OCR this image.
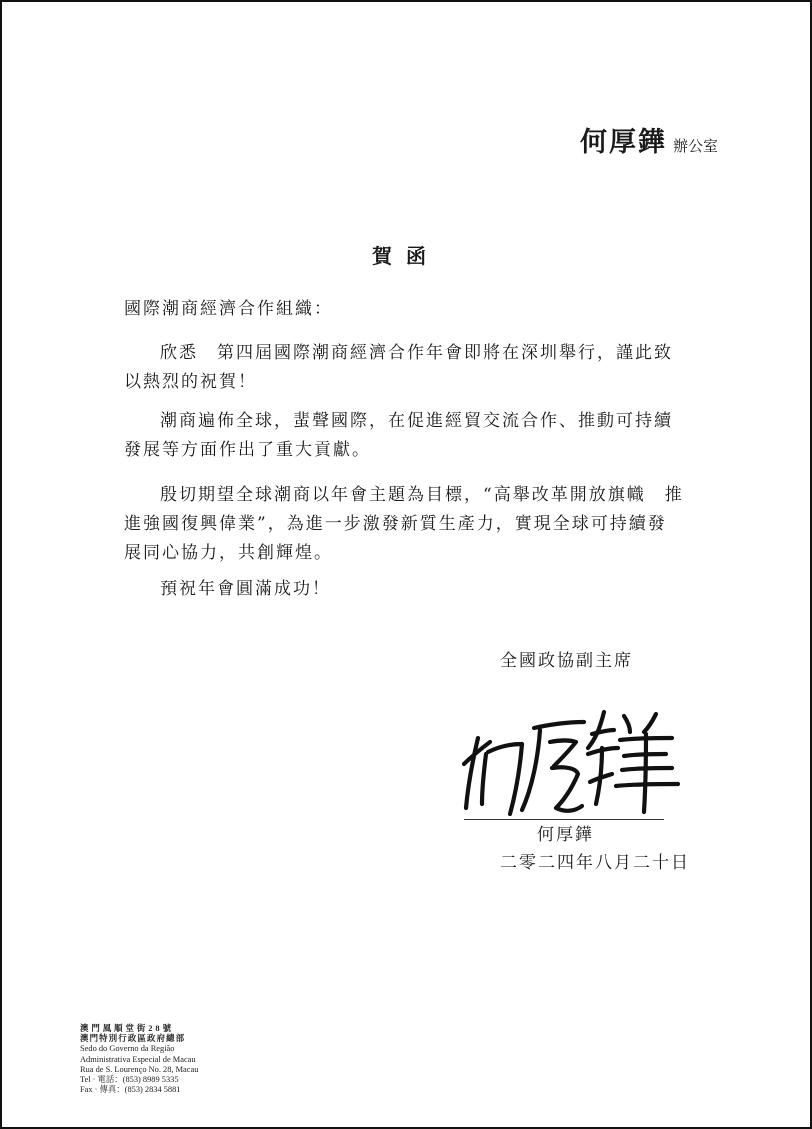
何厚鏵 辦公室
賀函
國際潮商經濟合作組織：

欣悉　第四屆國際潮商經濟合作年會即將在深圳舉行，謹此致以熱烈的祝賀！

潮商遍佈全球，蜚聲國際，在促進經貿交流合作、推動可持續發展等方面作出了重大貢獻。

殷切期望全球潮商以年會主題為目標，“高舉改革開放旗幟　推進強國復興偉業”，為進一步激發新質生產力，實現全球可持續發展同心協力，共創輝煌。

預祝年會圓滿成功！

全國政協副主席
何厚鏵
二零二四年八月二十日
澳門風順堂街28號
澳門特別行政區政府總部
Sedo do Governo da Região
Administrativa Especial de Macau
Rua de S. Lourenço No. 28, Macau
Tel · 電話：(853) 8989 5335
Fax · 傳真：(853) 2834 5881
